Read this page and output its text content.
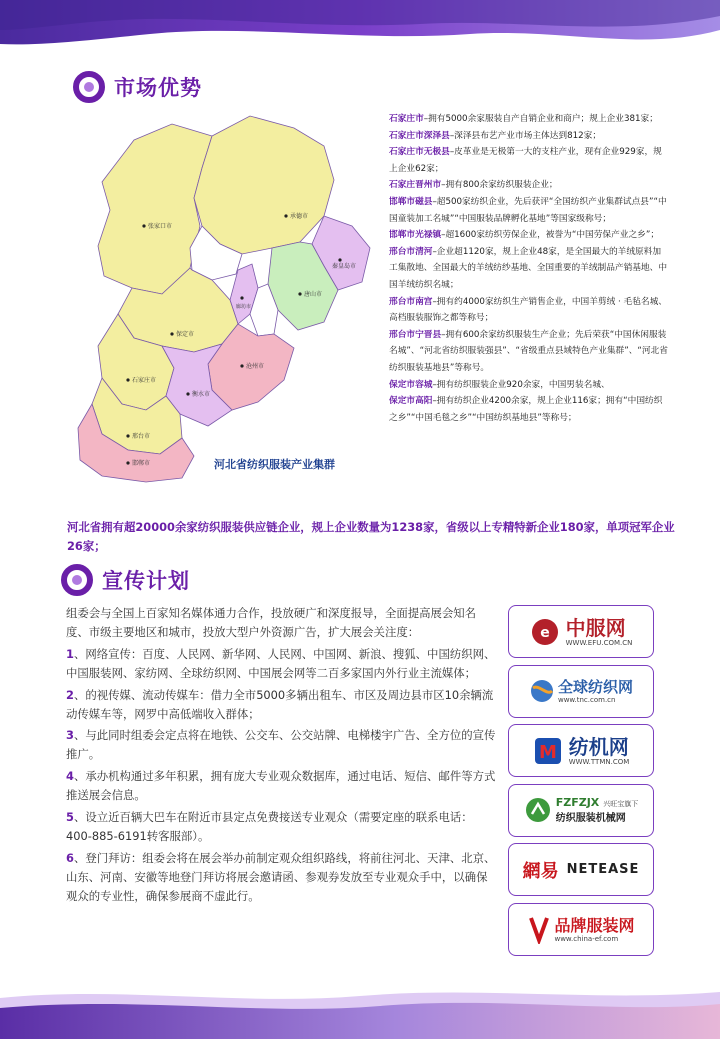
市场优势
张家口市
承德市
秦皇岛市
唐山市
廊坊市
保定市
石家庄市
衡水市
沧州市
邢台市
邯郸市	河北省纺织服装产业集群
石家庄市–拥有5000余家服装自产自销企业和商户；规上企业381家；
石家庄市深泽县–深泽县布艺产业市场主体达到812家；
石家庄市无极县–皮革业是无极第一大的支柱产业，现有企业929家，规上企业62家；
石家庄晋州市–拥有800余家纺织服装企业；
邯郸市磁县–超500家纺织企业，先后获评“全国纺织产业集群试点县”“中国童装加工名城”“中国服装品牌孵化基地”等国家级称号；
邯郸市光禄镇–超1600家纺织劳保企业，被誉为“中国劳保产业之乡”；
邢台市清河–企业超1120家，规上企业48家，是全国最大的羊绒原料加工集散地、全国最大的羊绒纺纱基地、全国重要的羊绒制品产销基地、中国羊绒纺织名城；
邢台市南宫–拥有约4000家纺织生产销售企业，中国羊剪绒 · 毛毡名城、高档服装服饰之都等称号；
邢台市宁晋县–拥有600余家纺织服装生产企业；先后荣获“中国休闲服装名城”、“河北省纺织服装强县”、“省级重点县域特色产业集群”、“河北省纺织服装基地县”等称号。
保定市容城–拥有纺织服装企业920余家，中国男装名城、
保定市高阳–拥有纺织企业4200余家，规上企业116家；拥有“中国纺织之乡”“中国毛毯之乡”“中国纺织基地县”等称号；
河北省拥有超20000余家纺织服装供应链企业，规上企业数量为1238家，省级以上专精特新企业180家，单项冠军企业26家；
宣传计划

组委会与全国上百家知名媒体通力合作，投放硬广和深度报导，全面提高展会知名度、市级主要地区和城市，投放大型户外资源广告，扩大展会关注度：

1、网络宣传：百度、人民网、新华网、人民网、中国网、新浪、搜狐、中国纺织网、中国服装网、家纺网、全球纺织网、中国展会网等二百多家国内外行业主流媒体；

2、的视传媒、流动传媒车：借力全市5000多辆出租车、市区及周边县市区10余辆流动传媒车等，网罗中高低端收入群体；

3、与此同时组委会定点将在地铁、公交车、公交站牌、电梯楼宇广告、全方位的宣传推广。

4、承办机构通过多年积累，拥有庞大专业观众数据库，通过电话、短信、邮件等方式推送展会信息。

5、设立近百辆大巴车在附近市县定点免费接送专业观众（需要定座的联系电话：400-885-6191转客服部）。

6、登门拜访：组委会将在展会举办前制定观众组织路线，将前往河北、天津、北京、山东、河南、安徽等地登门拜访将展会邀请函、参观券发放至专业观众手中，以确保观众的专业性，确保参展商不虚此行。

e 中服网
WWW.EFU.COM.CN
全球纺织网
www.tnc.com.cn
M 纺机网
WWW.TTMN.COM
FZFZJX 兴旺宝旗下
纺织服装机械网
網易 NETEASE
品牌服装网
www.china-ef.com
